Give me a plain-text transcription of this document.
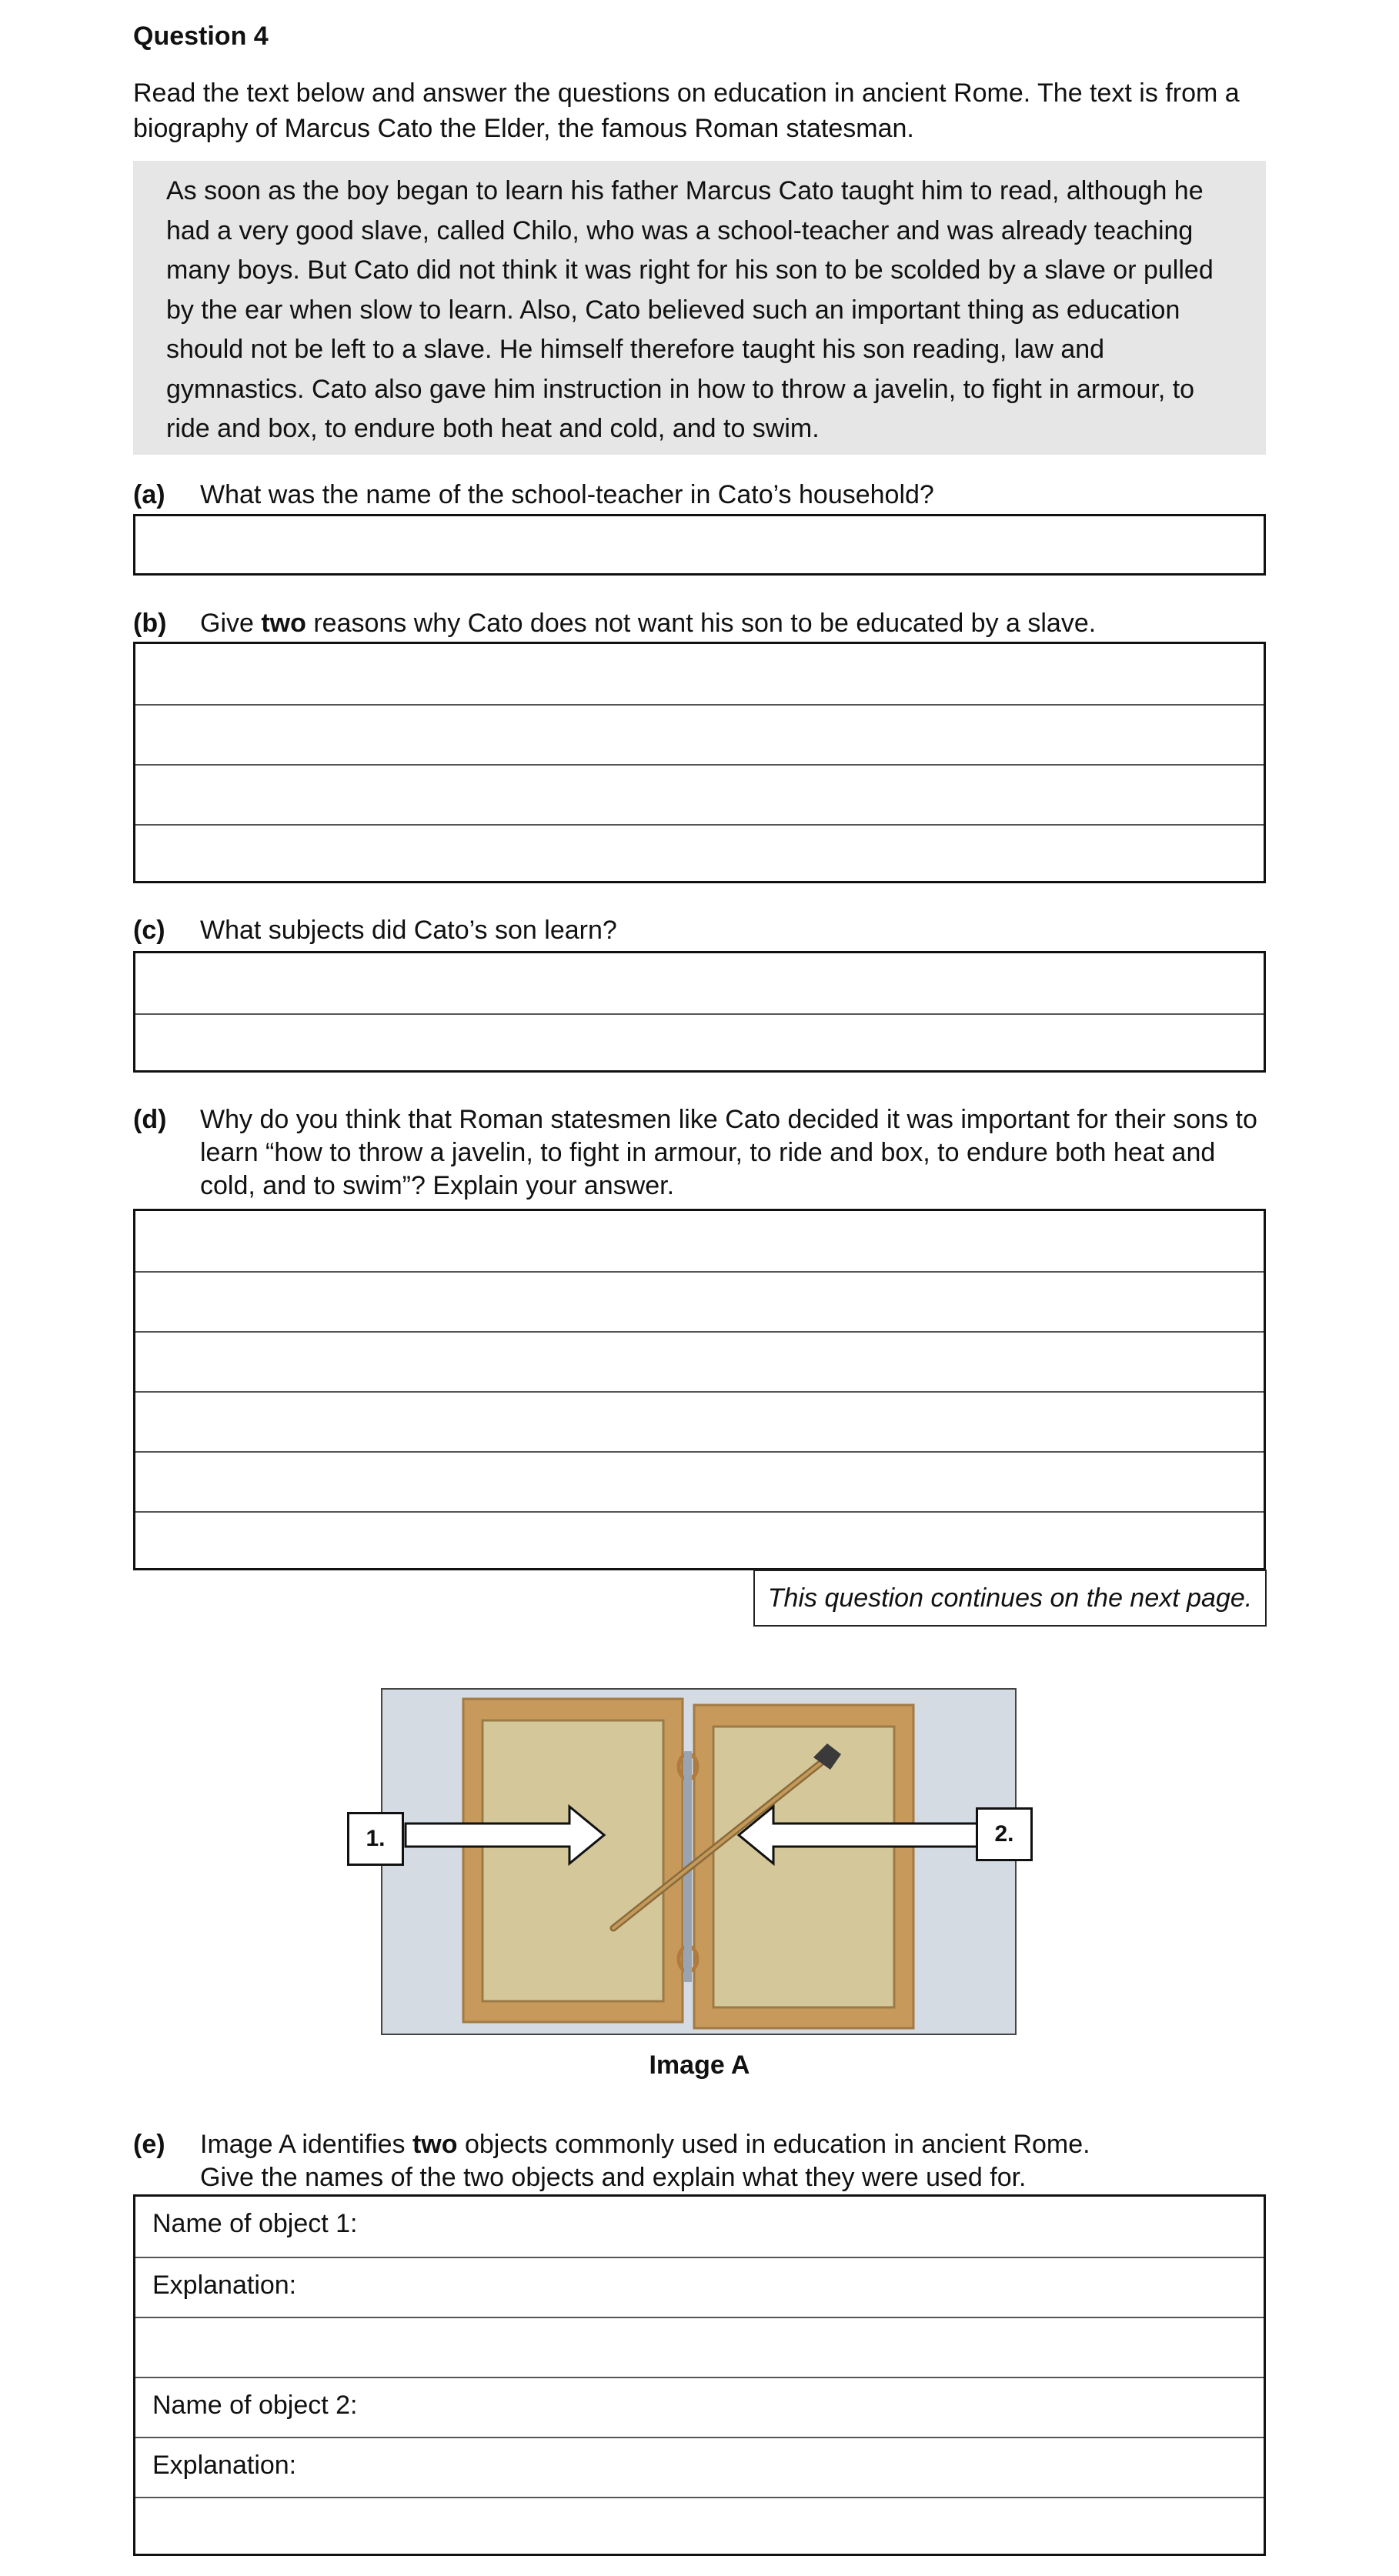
Question 4
Read the text below and answer the questions on education in ancient Rome. The text is from a
biography of Marcus Cato the Elder, the famous Roman statesman.
As soon as the boy began to learn his father Marcus Cato taught him to read, although he
had a very good slave, called Chilo, who was a school-teacher and was already teaching
many boys. But Cato did not think it was right for his son to be scolded by a slave or pulled
by the ear when slow to learn. Also, Cato believed such an important thing as education
should not be left to a slave. He himself therefore taught his son reading, law and
gymnastics. Cato also gave him instruction in how to throw a javelin, to fight in armour, to
ride and box, to endure both heat and cold, and to swim.
(a) What was the name of the school-teacher in Cato’s household?
(b) Give two reasons why Cato does not want his son to be educated by a slave.
(c) What subjects did Cato’s son learn?
(d) Why do you think that Roman statesmen like Cato decided it was important for their sons to
learn “how to throw a javelin, to fight in armour, to ride and box, to endure both heat and
cold, and to swim”? Explain your answer.
This question continues on the next page.
1.	2.
Image A
(e) Image A identifies two objects commonly used in education in ancient Rome.
Give the names of the two objects and explain what they were used for.
Name of object 1:
Explanation:
Name of object 2:
Explanation:
